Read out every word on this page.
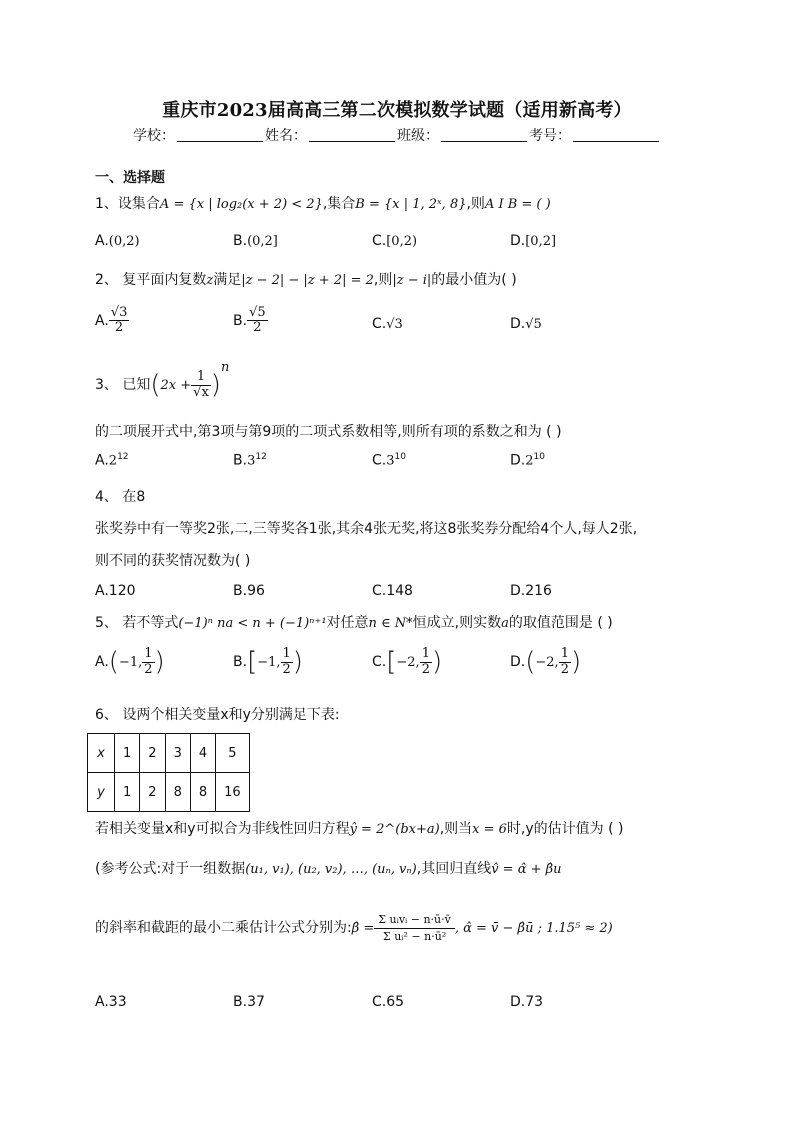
重庆市2023届高高三第二次模拟数学试题（适用新高考）
学校：	姓名：	班级：	考号：
一、选择题
1、设集合A = {x | log₂(x + 2) < 2},集合B = {x | 1, 2ˣ, 8},则A I B = ( )
A.(0,2)	B.(0,2]	C.[0,2)	D.[0,2]
2、 复平面内复数z满足|z − 2| − |z + 2| = 2,则|z − i|的最小值为( )
A. $\frac{√3}{2}$	B. $\frac{√5}{2}$	C.√3	D.√5
3、 已知$(2x + \frac{1}{√x} )^n$
的二项展开式中,第3项与第9项的二项式系数相等,则所有项的系数之和为 ( )
$A.2^{12}$	$B.3^{12}$	$C.3^{10}$	$D.2^{10}$
4、 在8
张奖券中有一等奖2张,二,三等奖各1张,其余4张无奖,将这8张奖券分配给4个人,每人2张,
则不同的获奖情况数为( )
A.120	B.96	C.148	D.216
5、 若不等式(−1)ⁿ na < n + (−1)ⁿ⁺¹对任意n ∈ N*恒成立,则实数a的取值范围是 ( )
A.(−1, $\frac{1}{2}$ )	B.[−1, $\frac{1}{2}$ )	C.[−2, $\frac{1}{2}$ )	D.(−2, $\frac{1}{2}$ )
6、 设两个相关变量x和y分别满足下表:
x	1	2	3	4	5
y	1	2	8	8	16
若相关变量x和y可拟合为非线性回归方程ŷ = 2^(bx+a),则当x = 6时,y的估计值为 ( )
(参考公式:对于一组数据(u₁, v₁), (u₂, v₂), …, (uₙ, vₙ),其回归直线v̂ = α̂ + β̂u
的斜率和截距的最小二乘估计公式分别为:β̂ =
Σ uᵢvᵢ − n·ū·v̄
Σ uᵢ² − n·ū² , α̂ = v̄ − β̂ū ; 1.15⁵ ≈ 2)
A.33	B.37	C.65	D.73
